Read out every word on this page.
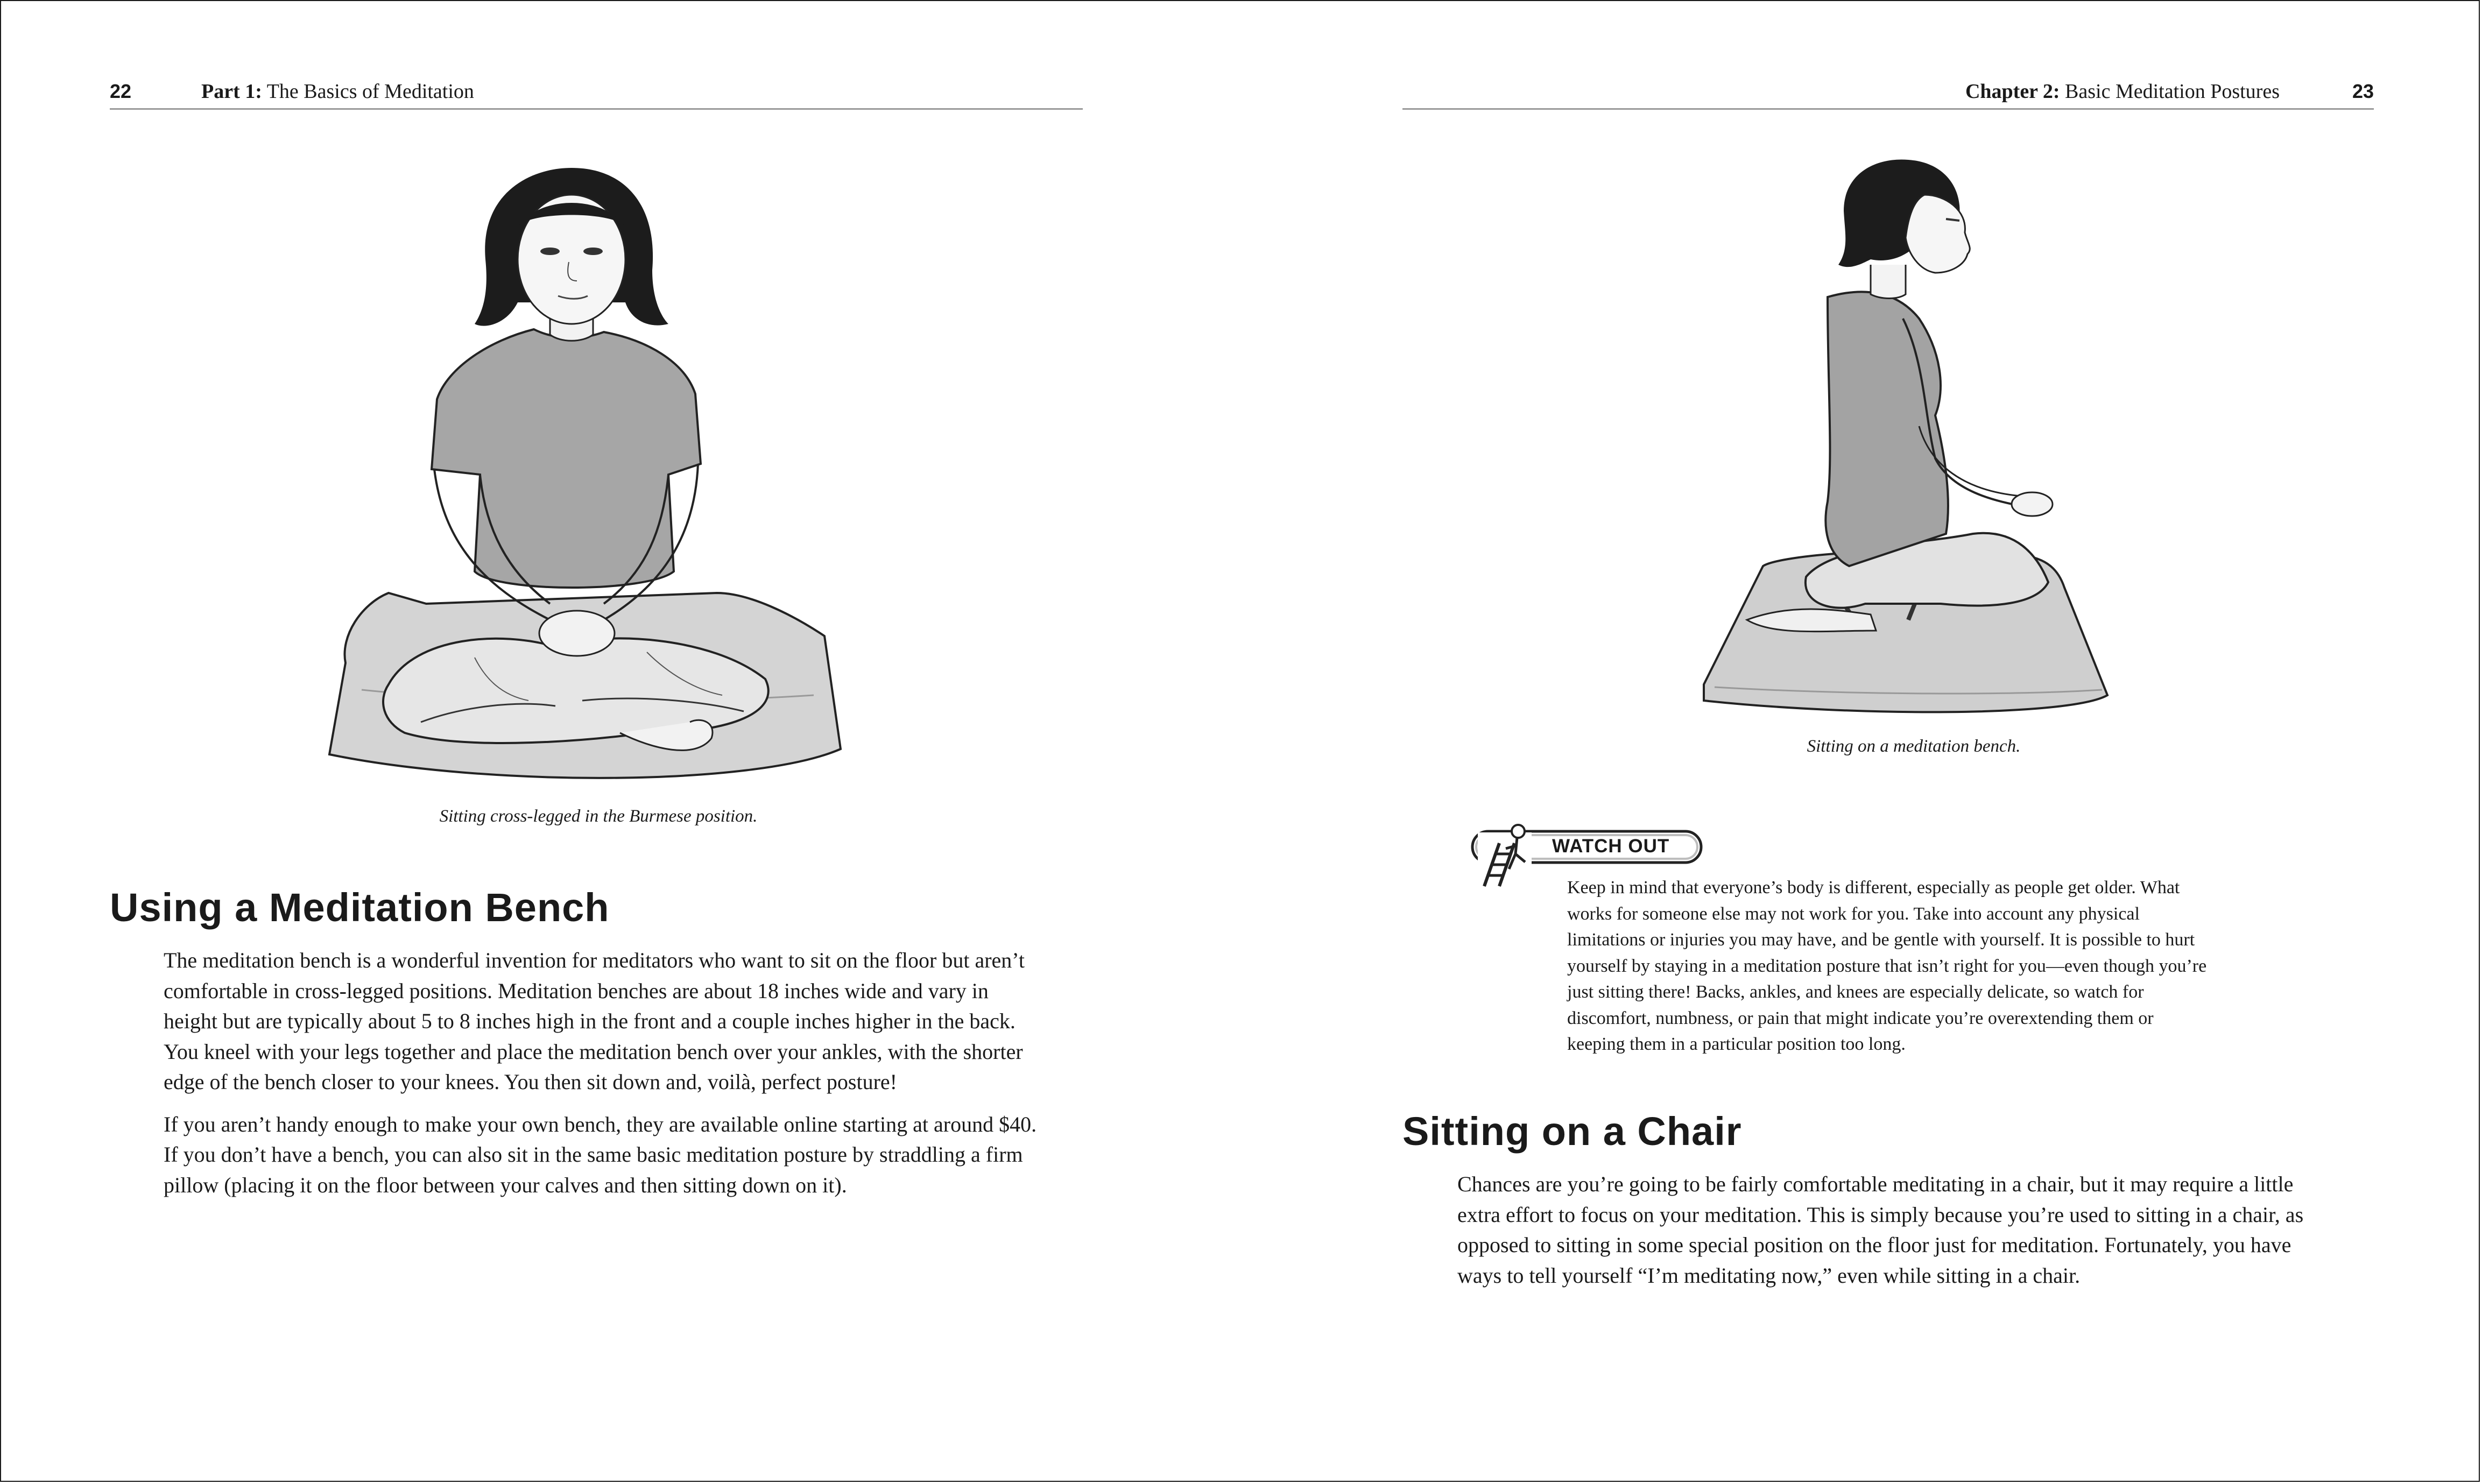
22	Part 1: The Basics of Meditation
Sitting cross-legged in the Burmese position.
Using a Meditation Bench

The meditation bench is a wonderful invention for meditators who want to sit on the floor but aren’t comfortable in cross-legged positions. Meditation benches are about 18 inches wide and vary in height but are typically about 5 to 8 inches high in the front and a couple inches higher in the back. You kneel with your legs together and place the meditation bench over your ankles, with the shorter edge of the bench closer to your knees. You then sit down and, voilà, perfect posture!

If you aren’t handy enough to make your own bench, they are available online starting at around $40. If you don’t have a bench, you can also sit in the same basic meditation posture by straddling a firm pillow (placing it on the floor between your calves and then sitting down on it).

Chapter 2: Basic Meditation Postures	23
Sitting on a meditation bench.
WATCH OUT

Keep in mind that everyone’s body is different, especially as people get older. What works for someone else may not work for you. Take into account any physical limitations or injuries you may have, and be gentle with yourself. It is possible to hurt yourself by staying in a meditation posture that isn’t right for you—even though you’re just sitting there! Backs, ankles, and knees are especially delicate, so watch for discomfort, numbness, or pain that might indicate you’re overextending them or keeping them in a particular position too long.

Sitting on a Chair

Chances are you’re going to be fairly comfortable meditating in a chair, but it may require a little extra effort to focus on your meditation. This is simply because you’re used to sitting in a chair, as opposed to sitting in some special position on the floor just for meditation. Fortunately, you have ways to tell yourself “I’m meditating now,” even while sitting in a chair.
